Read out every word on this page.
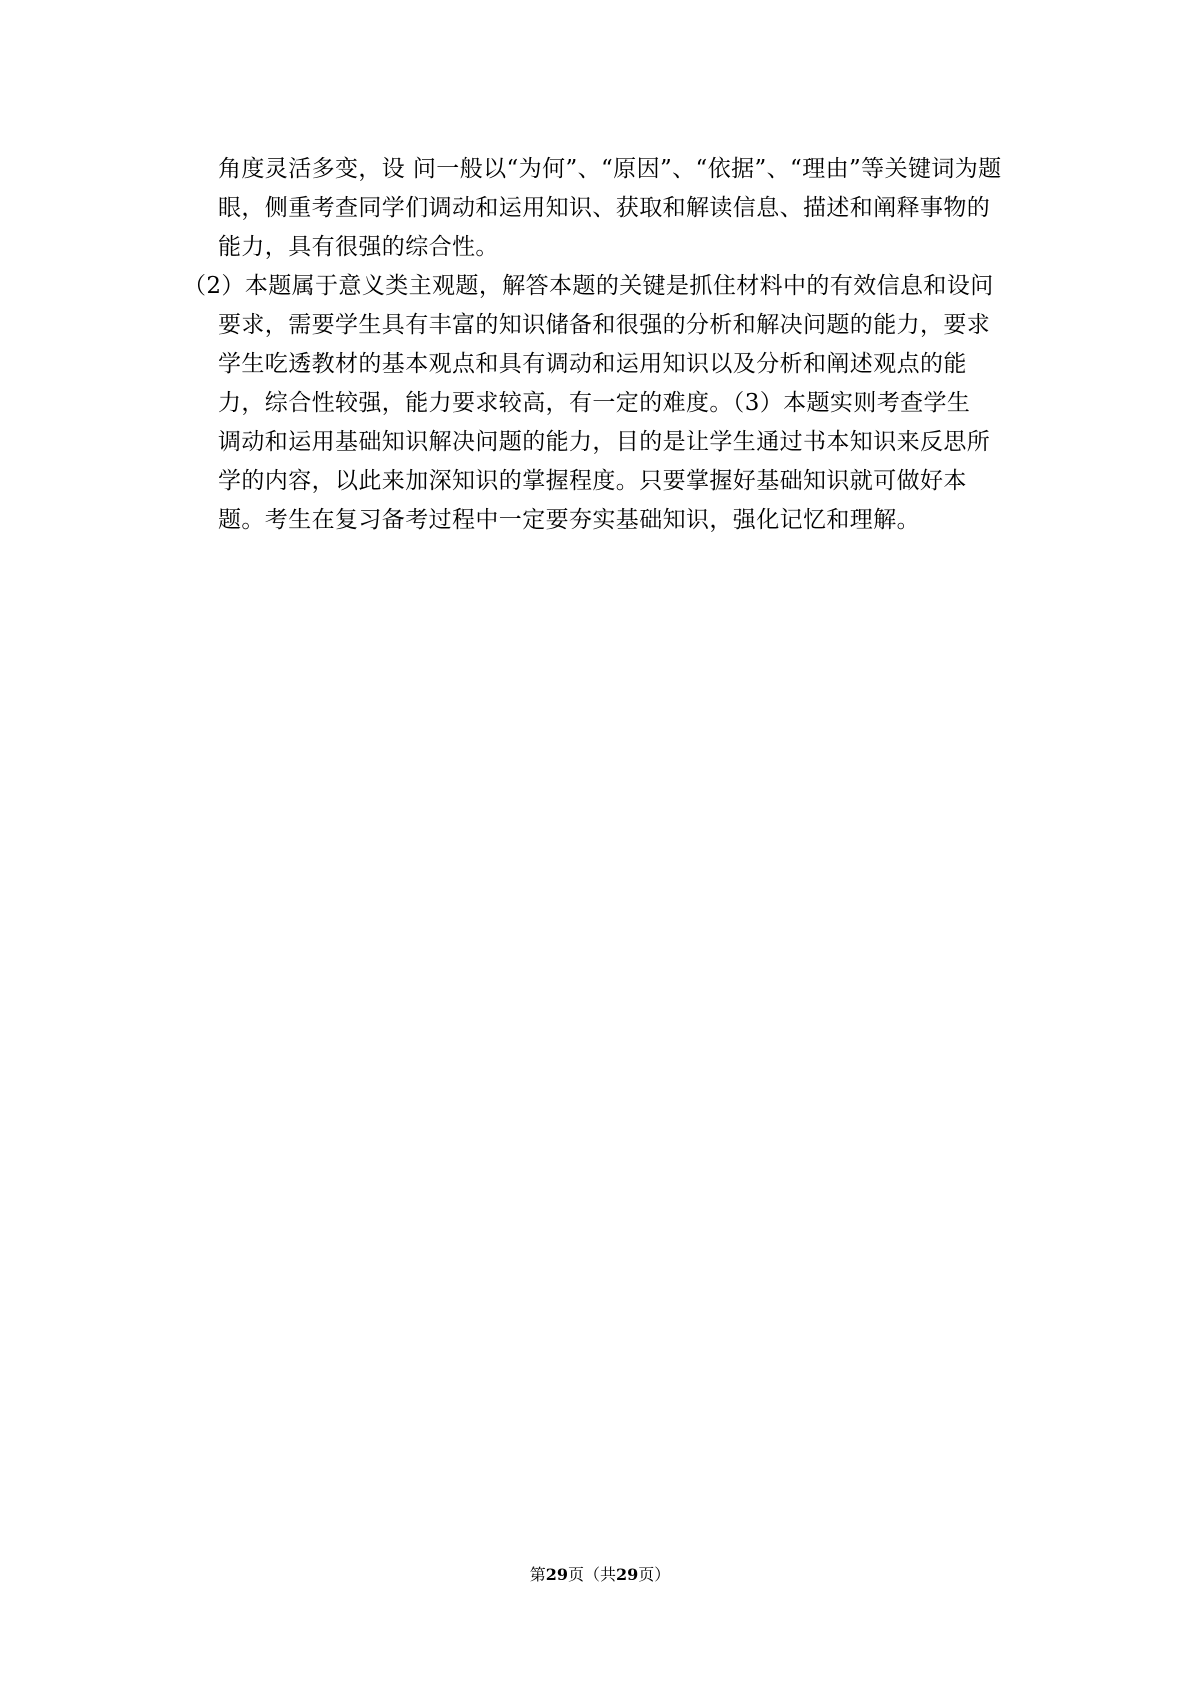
角度灵活多变，设 问一般以“为何”、“原因”、“依据”、“理由”等关键词为题
眼，侧重考查同学们调动和运用知识、获取和解读信息、描述和阐释事物的
能力，具有很强的综合性。
（2）本题属于意义类主观题，解答本题的关键是抓住材料中的有效信息和设问
要求，需要学生具有丰富的知识储备和很强的分析和解决问题的能力，要求
学生吃透教材的基本观点和具有调动和运用知识以及分析和阐述观点的能
力，综合性较强，能力要求较高，有一定的难度。（3）本题实则考查学生
调动和运用基础知识解决问题的能力，目的是让学生通过书本知识来反思所
学的内容，以此来加深知识的掌握程度。只要掌握好基础知识就可做好本
题。考生在复习备考过程中一定要夯实基础知识，强化记忆和理解。
第29页（共29页）
